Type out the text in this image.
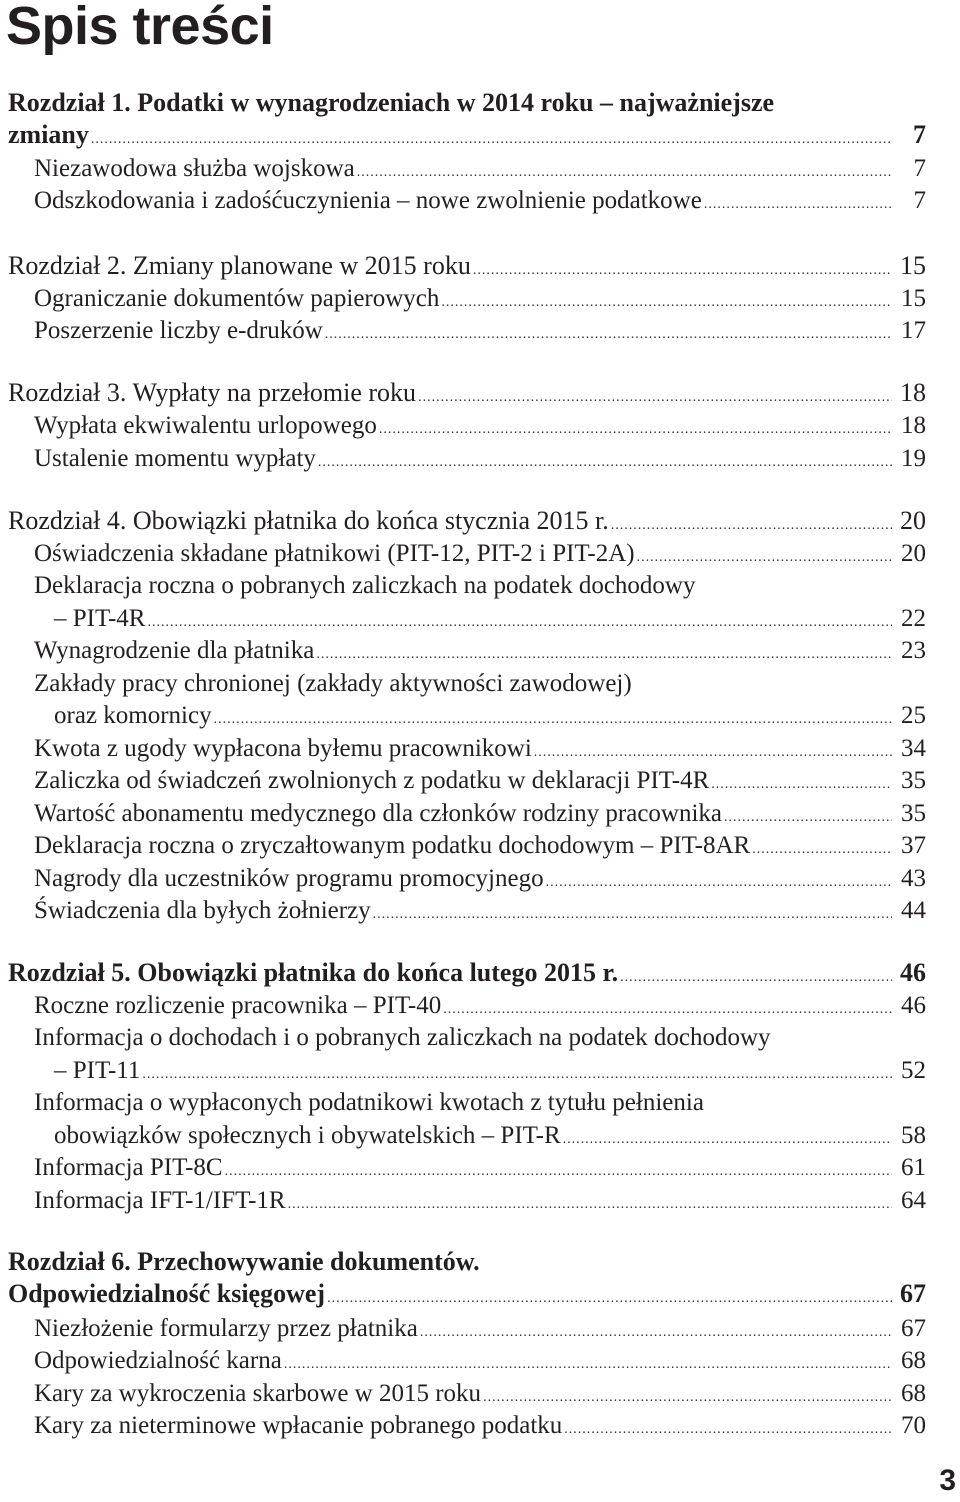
Spis treści
Rozdział 1. Podatki w wynagrodzeniach w 2014 roku – najważniejsze
zmiany .....	7
Niezawodowa służba wojskowa .....	7
Odszkodowania i zadośćuczynienia – nowe zwolnienie podatkowe .....	7
Rozdział 2. Zmiany planowane w 2015 roku .....	15
Ograniczanie dokumentów papierowych .....	15
Poszerzenie liczby e-druków .....	17
Rozdział 3. Wypłaty na przełomie roku .....	18
Wypłata ekwiwalentu urlopowego .....	18
Ustalenie momentu wypłaty .....	19
Rozdział 4. Obowiązki płatnika do końca stycznia 2015 r. .....	20
Oświadczenia składane płatnikowi (PIT-12, PIT-2 i PIT-2A) .....	20
Deklaracja roczna o pobranych zaliczkach na podatek dochodowy
– PIT-4R .....	22
Wynagrodzenie dla płatnika .....	23
Zakłady pracy chronionej (zakłady aktywności zawodowej)
oraz komornicy .....	25
Kwota z ugody wypłacona byłemu pracownikowi .....	34
Zaliczka od świadczeń zwolnionych z podatku w deklaracji PIT-4R .....	35
Wartość abonamentu medycznego dla członków rodziny pracownika .....	35
Deklaracja roczna o zryczałtowanym podatku dochodowym – PIT-8AR .....	37
Nagrody dla uczestników programu promocyjnego .....	43
Świadczenia dla byłych żołnierzy .....	44
Rozdział 5. Obowiązki płatnika do końca lutego 2015 r. .....	46
Roczne rozliczenie pracownika – PIT-40 .....	46
Informacja o dochodach i o pobranych zaliczkach na podatek dochodowy
– PIT-11 .....	52
Informacja o wypłaconych podatnikowi kwotach z tytułu pełnienia
obowiązków społecznych i obywatelskich – PIT-R .....	58
Informacja PIT-8C .....	61
Informacja IFT-1/IFT-1R .....	64
Rozdział 6. Przechowywanie dokumentów.
Odpowiedzialność księgowej .....	67
Niezłożenie formularzy przez płatnika .....	67
Odpowiedzialność karna .....	68
Kary za wykroczenia skarbowe w 2015 roku .....	68
Kary za nieterminowe wpłacanie pobranego podatku .....	70
3
